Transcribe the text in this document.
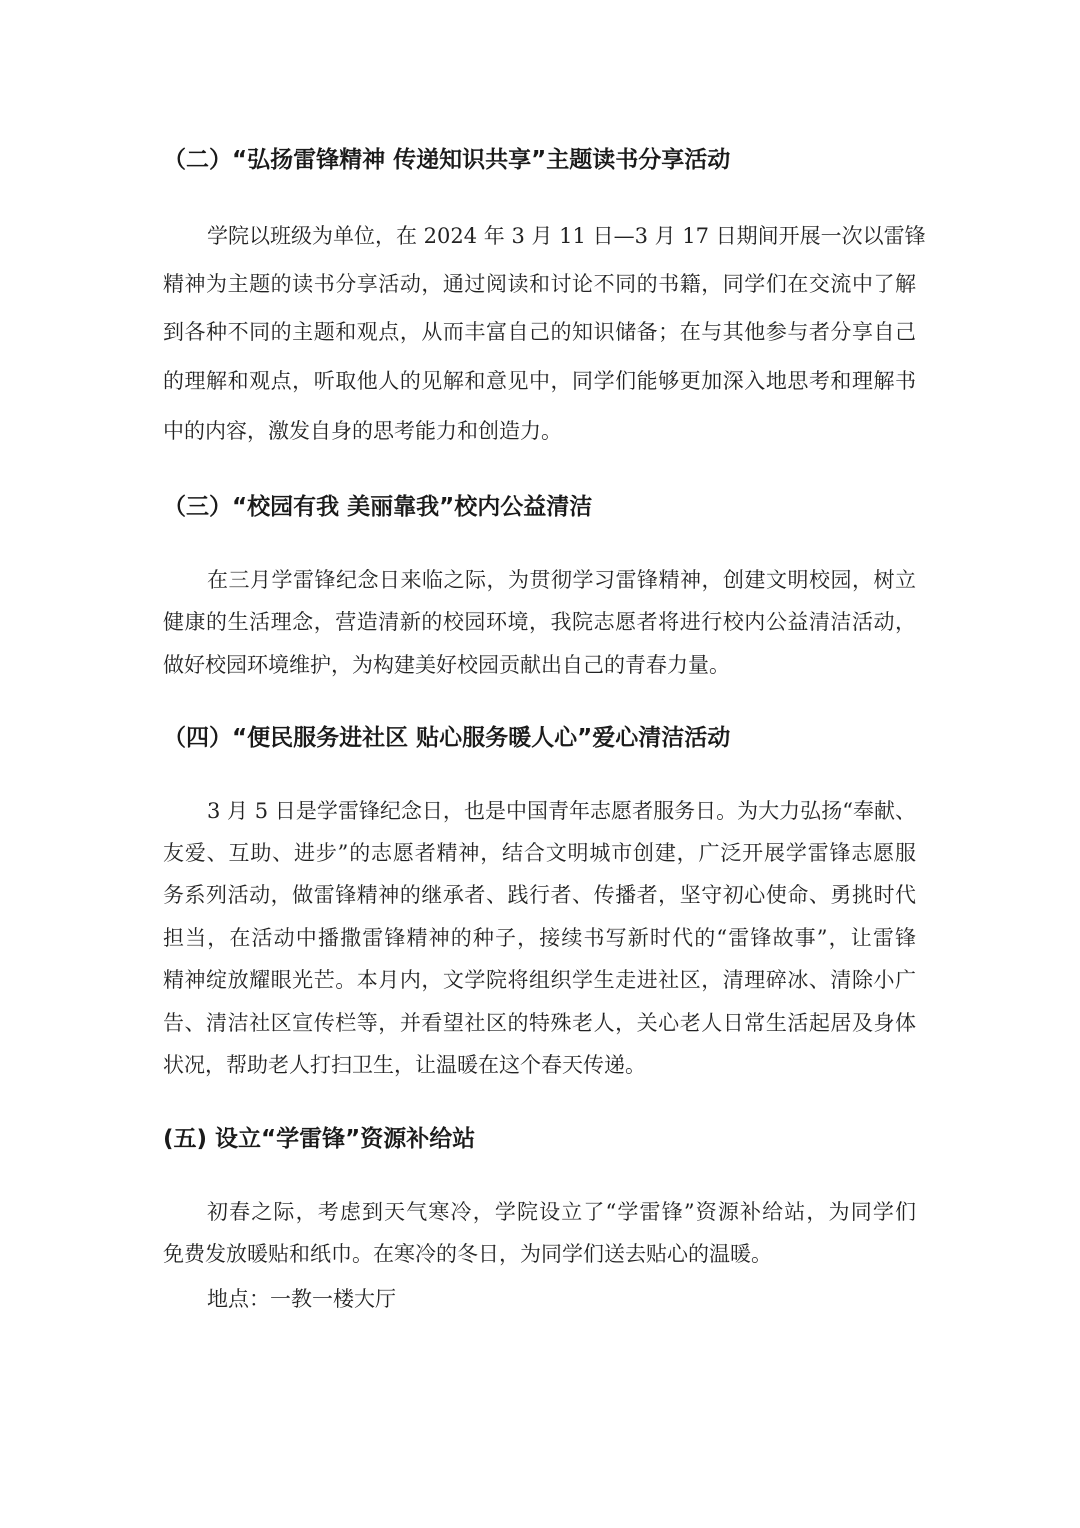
（二）“弘扬雷锋精神 传递知识共享”主题读书分享活动
学院以班级为单位，在 2024 年 3 月 11 日—3 月 17 日期间开展一次以雷锋
精神为主题的读书分享活动，通过阅读和讨论不同的书籍，同学们在交流中了解
到各种不同的主题和观点，从而丰富自己的知识储备；在与其他参与者分享自己
的理解和观点，听取他人的见解和意见中，同学们能够更加深入地思考和理解书
中的内容，激发自身的思考能力和创造力。
（三）“校园有我 美丽靠我”校内公益清洁
在三月学雷锋纪念日来临之际，为贯彻学习雷锋精神，创建文明校园，树立
健康的生活理念，营造清新的校园环境，我院志愿者将进行校内公益清洁活动，
做好校园环境维护，为构建美好校园贡献出自己的青春力量。
（四）“便民服务进社区 贴心服务暖人心”爱心清洁活动
3 月 5 日是学雷锋纪念日，也是中国青年志愿者服务日。为大力弘扬“奉献、
友爱、互助、进步”的志愿者精神，结合文明城市创建，广泛开展学雷锋志愿服
务系列活动，做雷锋精神的继承者、践行者、传播者，坚守初心使命、勇挑时代
担当，在活动中播撒雷锋精神的种子，接续书写新时代的“雷锋故事”，让雷锋
精神绽放耀眼光芒。本月内，文学院将组织学生走进社区，清理碎冰、清除小广
告、清洁社区宣传栏等，并看望社区的特殊老人，关心老人日常生活起居及身体
状况，帮助老人打扫卫生，让温暖在这个春天传递。
(五) 设立“学雷锋”资源补给站
初春之际，考虑到天气寒冷，学院设立了“学雷锋”资源补给站，为同学们
免费发放暖贴和纸巾。在寒冷的冬日，为同学们送去贴心的温暖。
地点：一教一楼大厅
